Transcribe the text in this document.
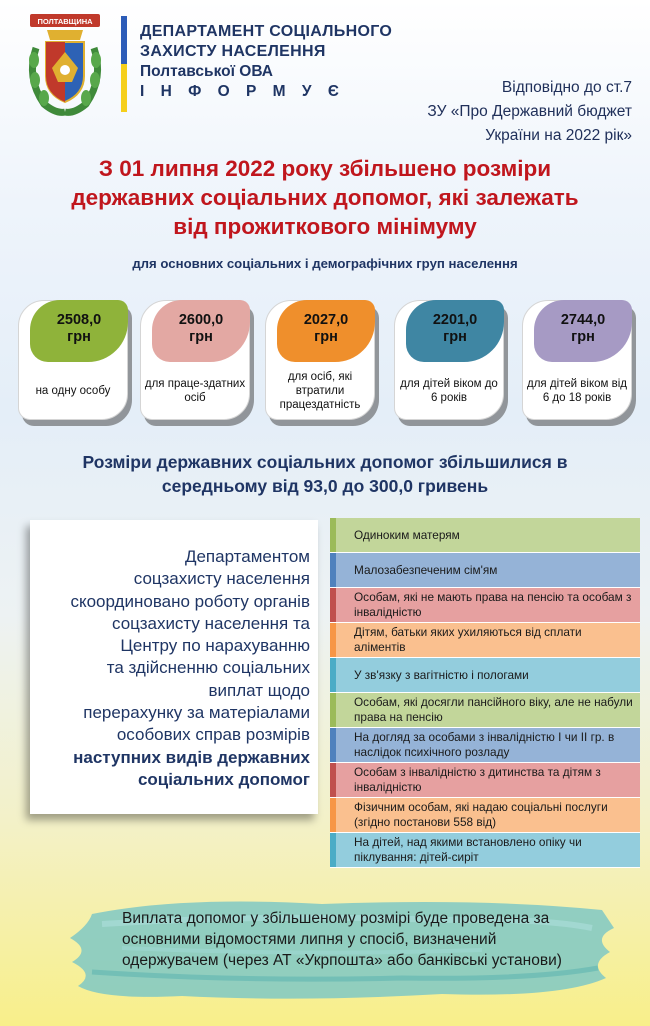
ПОЛТАВЩИНА
ДЕПАРТАМЕНТ СОЦІАЛЬНОГО
ЗАХИСТУ НАСЕЛЕННЯ
Полтавської ОВА
І Н Ф О Р М У Є	Відповідно до ст.7
ЗУ «Про Державний бюджет
України на 2022 рік»
З 01 липня 2022 року збільшено розміри
державних соціальних допомог, які залежать
від прожиткового мінімуму
для основних соціальних і демографічних груп населення
2508,0
грн
на одну особу
2600,0
грн
для праце-здатних осіб
2027,0
грн
для осіб, які втратили працездатність
2201,0
грн
для дітей віком до 6 років
2744,0
грн
для дітей віком від 6 до 18 років
Розміри державних соціальних допомог збільшилися в
середньому від 93,0 до 300,0 гривень
Департаментом
соцзахисту населення
скоординовано роботу органів
соцзахисту населення та
Центру по нарахуванню
та здійсненню соціальних
виплат щодо
перерахунку за матеріалами
особових справ розмірів
наступних видів державних
соціальних допомог
Одиноким матерям
Малозабезпеченим сім'ям
Особам, які не мають права на пенсію та особам з інвалідністю
Дітям, батьки яких ухиляються від сплати аліментів
У зв'язку з вагітністю і пологами
Особам, які досягли пансійного віку, але не набули права на пенсію
На догляд за особами з інвалідністю І чи ІІ гр. в наслідок психічного розладу
Особам з інвалідністю з дитинства та дітям з інвалідністю
Фізичним особам, які надаю соціальні послуги (згідно постанови 558 від)
На дітей, над якими встановлено опіку чи піклування: дітей-сиріт
Виплата допомог у збільшеному розмірі буде проведена за основними відомостями липня у спосіб, визначений одержувачем (через АТ «Укрпошта» або банківські установи)
